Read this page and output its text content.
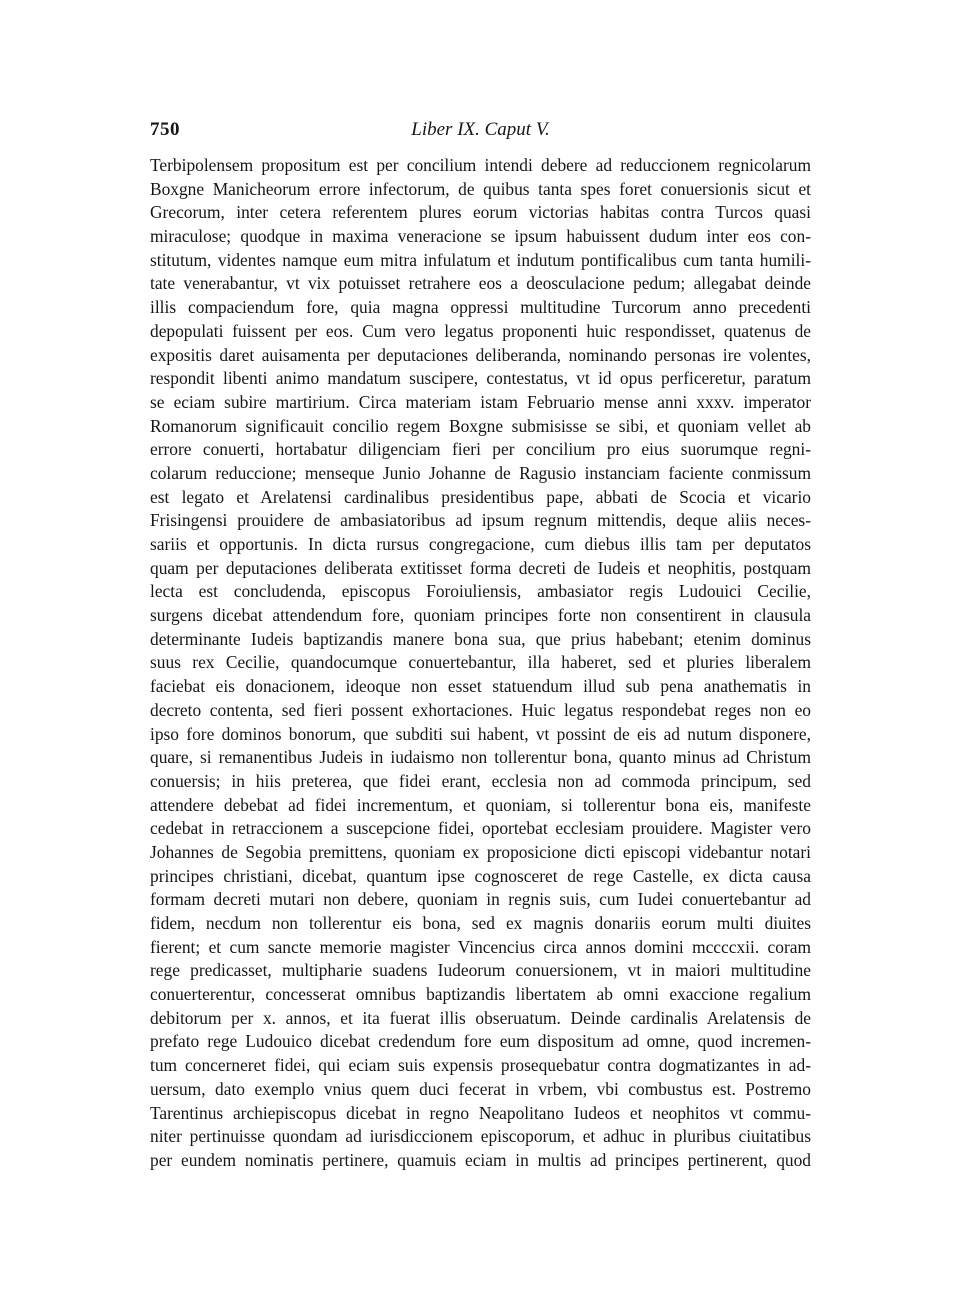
750	Liber IX. Caput V.
Terbipolensem propositum est per concilium intendi debere ad reduccionem regnicolarum
Boxgne Manicheorum errore infectorum, de quibus tanta spes foret conuersionis sicut et
Grecorum, inter cetera referentem plures eorum victorias habitas contra Turcos quasi
miraculose; quodque in maxima veneracione se ipsum habuissent dudum inter eos con-
stitutum, videntes namque eum mitra infulatum et indutum pontificalibus cum tanta humili-
tate venerabantur, vt vix potuisset retrahere eos a deosculacione pedum; allegabat deinde
illis compaciendum fore, quia magna oppressi multitudine Turcorum anno precedenti
depopulati fuissent per eos. Cum vero legatus proponenti huic respondisset, quatenus de
expositis daret auisamenta per deputaciones deliberanda, nominando personas ire volentes,
respondit libenti animo mandatum suscipere, contestatus, vt id opus perficeretur, paratum
se eciam subire martirium. Circa materiam istam Februario mense anni xxxv. imperator
Romanorum significauit concilio regem Boxgne submisisse se sibi, et quoniam vellet ab
errore conuerti, hortabatur diligenciam fieri per concilium pro eius suorumque regni-
colarum reduccione; menseque Junio Johanne de Ragusio instanciam faciente conmissum
est legato et Arelatensi cardinalibus presidentibus pape, abbati de Scocia et vicario
Frisingensi prouidere de ambasiatoribus ad ipsum regnum mittendis, deque aliis neces-
sariis et opportunis. In dicta rursus congregacione, cum diebus illis tam per deputatos
quam per deputaciones deliberata extitisset forma decreti de Iudeis et neophitis, postquam
lecta est concludenda, episcopus Foroiuliensis, ambasiator regis Ludouici Cecilie,
surgens dicebat attendendum fore, quoniam principes forte non consentirent in clausula
determinante Iudeis baptizandis manere bona sua, que prius habebant; etenim dominus
suus rex Cecilie, quandocumque conuertebantur, illa haberet, sed et pluries liberalem
faciebat eis donacionem, ideoque non esset statuendum illud sub pena anathematis in
decreto contenta, sed fieri possent exhortaciones. Huic legatus respondebat reges non eo
ipso fore dominos bonorum, que subditi sui habent, vt possint de eis ad nutum disponere,
quare, si remanentibus Judeis in iudaismo non tollerentur bona, quanto minus ad Christum
conuersis; in hiis preterea, que fidei erant, ecclesia non ad commoda principum, sed
attendere debebat ad fidei incrementum, et quoniam, si tollerentur bona eis, manifeste
cedebat in retraccionem a suscepcione fidei, oportebat ecclesiam prouidere. Magister vero
Johannes de Segobia premittens, quoniam ex proposicione dicti episcopi videbantur notari
principes christiani, dicebat, quantum ipse cognosceret de rege Castelle, ex dicta causa
formam decreti mutari non debere, quoniam in regnis suis, cum Iudei conuertebantur ad
fidem, necdum non tollerentur eis bona, sed ex magnis donariis eorum multi diuites
fierent; et cum sancte memorie magister Vincencius circa annos domini mccccxii. coram
rege predicasset, multipharie suadens Iudeorum conuersionem, vt in maiori multitudine
conuerterentur, concesserat omnibus baptizandis libertatem ab omni exaccione regalium
debitorum per x. annos, et ita fuerat illis obseruatum. Deinde cardinalis Arelatensis de
prefato rege Ludouico dicebat credendum fore eum dispositum ad omne, quod incremen-
tum concerneret fidei, qui eciam suis expensis prosequebatur contra dogmatizantes in ad-
uersum, dato exemplo vnius quem duci fecerat in vrbem, vbi combustus est. Postremo
Tarentinus archiepiscopus dicebat in regno Neapolitano Iudeos et neophitos vt commu-
niter pertinuisse quondam ad iurisdiccionem episcoporum, et adhuc in pluribus ciuitatibus
per eundem nominatis pertinere, quamuis eciam in multis ad principes pertinerent, quod
